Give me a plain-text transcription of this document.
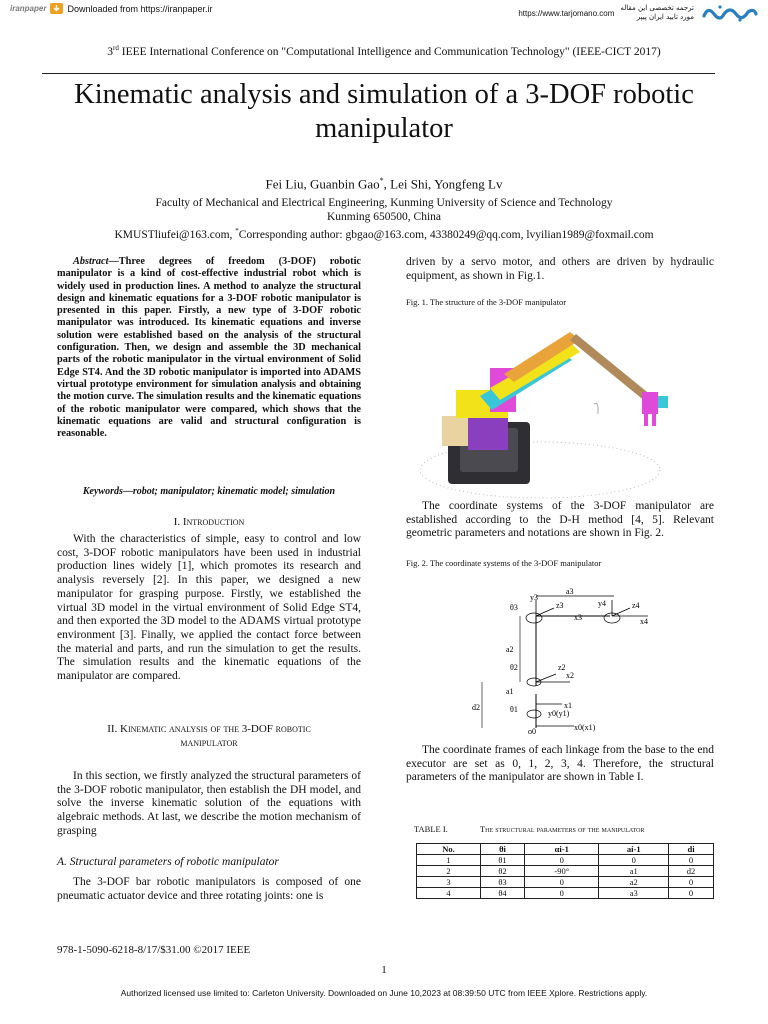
iranpaper Downloaded from https://iranpaper.ir	https://www.tarjomano.com
ترجمه تخصصی این مقاله
مورد تایید ایران پیپر
3rd IEEE International Conference on "Computational Intelligence and Communication Technology" (IEEE-CICT 2017)
Kinematic analysis and simulation of a 3-DOF robotic
manipulator
Fei Liu, Guanbin Gao*, Lei Shi, Yongfeng Lv
Faculty of Mechanical and Electrical Engineering, Kunming University of Science and Technology
Kunming 650500, China
KMUSTliufei@163.com, *Corresponding author: gbgao@163.com, 43380249@qq.com, lvyilian1989@foxmail.com
Abstract—Three degrees of freedom (3-DOF) robotic manipulator is a kind of cost-effective industrial robot which is widely used in production lines. A method to analyze the structural design and kinematic equations for a 3-DOF robotic manipulator is presented in this paper. Firstly, a new type of 3-DOF robotic manipulator was introduced. Its kinematic equations and inverse solution were established based on the analysis of the structural configuration. Then, we design and assemble the 3D mechanical parts of the robotic manipulator in the virtual environment of Solid Edge ST4. And the 3D robotic manipulator is imported into ADAMS virtual prototype environment for simulation analysis and obtaining the motion curve. The simulation results and the kinematic equations of the robotic manipulator were compared, which shows that the kinematic equations are valid and structural configuration is reasonable.
Keywords—robot; manipulator; kinematic model; simulation
I. Introduction
With the characteristics of simple, easy to control and low cost, 3-DOF robotic manipulators have been used in industrial production lines widely [1], which promotes its research and analysis reversely [2]. In this paper, we designed a new manipulator for grasping purpose. Firstly, we established the virtual 3D model in the virtual environment of Solid Edge ST4, and then exported the 3D model to the ADAMS virtual prototype environment [3]. Finally, we applied the contact force between the material and parts, and run the simulation to get the results. The simulation results and the kinematic equations of the manipulator are compared.
II. Kinematic analysis of the 3-DOF robotic
manipulator
In this section, we firstly analyzed the structural parameters of the 3-DOF robotic manipulator, then establish the DH model, and solve the inverse kinematic solution of the equations with algebraic methods. At last, we describe the motion mechanism of grasping
A. Structural parameters of robotic manipulator
The 3-DOF bar robotic manipulators is composed of one pneumatic actuator device and three rotating joints: one is
driven by a servo motor, and others are driven by hydraulic equipment, as shown in Fig.1.
Fig. 1. The structure of the 3-DOF manipulator
The coordinate systems of the 3-DOF manipulator are established according to the D-H method [4, 5]. Relevant geometric parameters and notations are shown in Fig. 2.
Fig. 2. The coordinate systems of the 3-DOF manipulator
a3
x3
y3
z3
θ3
x4
y4	z4
a2
x2
z2
θ2
a1
d2	x1
θ1
x0(x1)
y0(y1)
o0
The coordinate frames of each linkage from the base to the end executor are set as 0, 1, 2, 3, 4. Therefore, the structural parameters of the manipulator are shown in Table I.
TABLE I.	The structural parameters of the manipulator
No.	θi	αi-1	ai-1	di
1	θ1	0	0	0
2	θ2	-90°	a1	d2
3	θ3	0	a2	0
4	θ4	0	a3	0
978-1-5090-6218-8/17/$31.00 ©2017 IEEE
1
Authorized licensed use limited to: Carleton University. Downloaded on June 10,2023 at 08:39:50 UTC from IEEE Xplore. Restrictions apply.
